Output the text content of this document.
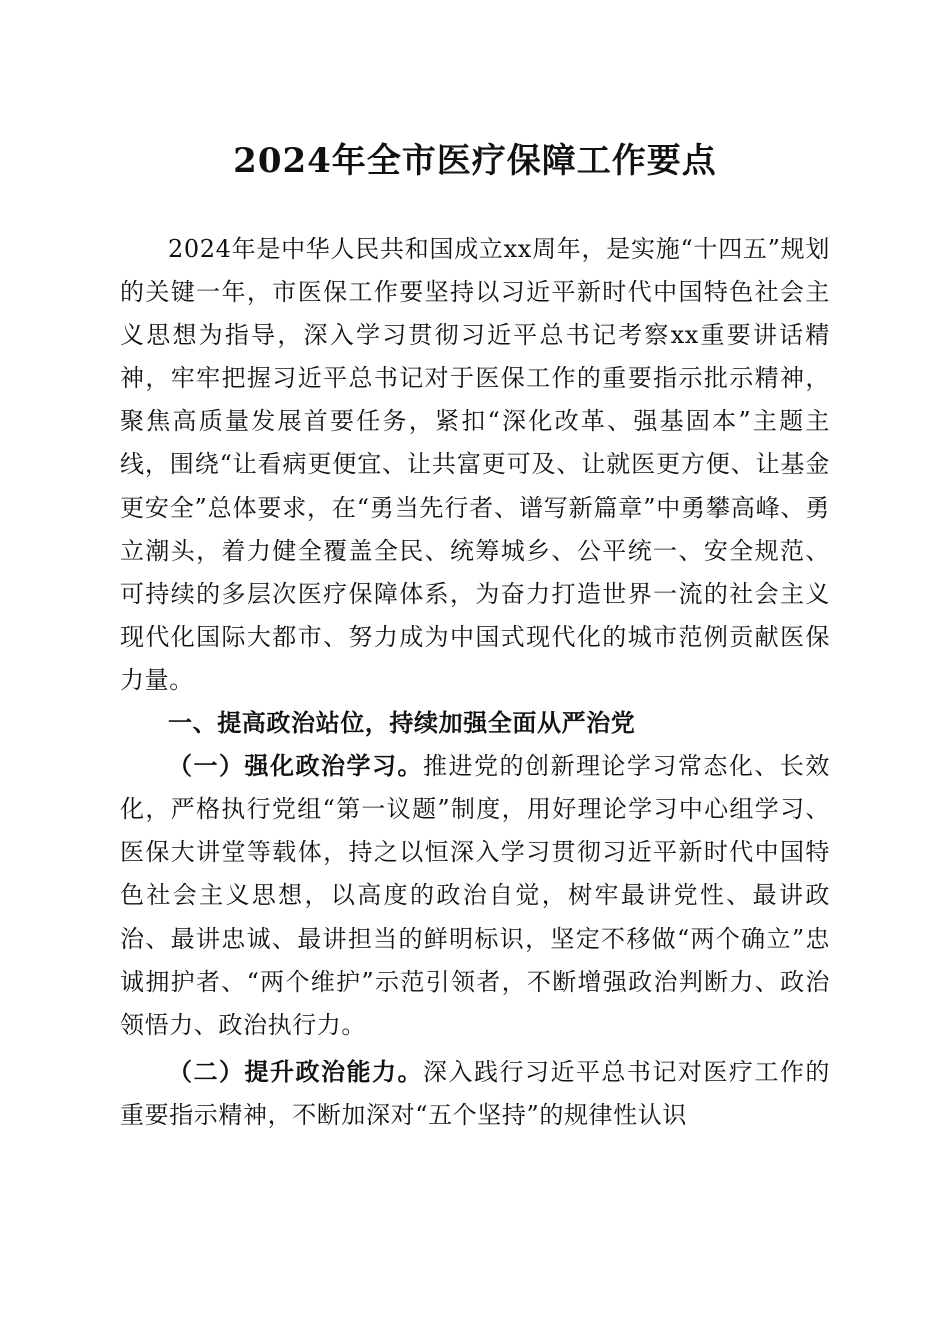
2024年全市医疗保障工作要点

2024年是中华人民共和国成立xx周年，是实施“十四五”规划的关键一年，市医保工作要坚持以习近平新时代中国特色社会主义思想为指导，深入学习贯彻习近平总书记考察xx重要讲话精神，牢牢把握习近平总书记对于医保工作的重要指示批示精神，聚焦高质量发展首要任务，紧扣“深化改革、强基固本”主题主线，围绕“让看病更便宜、让共富更可及、让就医更方便、让基金更安全”总体要求，在“勇当先行者、谱写新篇章”中勇攀高峰、勇立潮头，着力健全覆盖全民、统筹城乡、公平统一、安全规范、可持续的多层次医疗保障体系，为奋力打造世界一流的社会主义现代化国际大都市、努力成为中国式现代化的城市范例贡献医保力量。

一、提高政治站位，持续加强全面从严治党

（一）强化政治学习。推进党的创新理论学习常态化、长效化，严格执行党组“第一议题”制度，用好理论学习中心组学习、医保大讲堂等载体，持之以恒深入学习贯彻习近平新时代中国特色社会主义思想，以高度的政治自觉，树牢最讲党性、最讲政治、最讲忠诚、最讲担当的鲜明标识，坚定不移做“两个确立”忠诚拥护者、“两个维护”示范引领者，不断增强政治判断力、政治领悟力、政治执行力。

（二）提升政治能力。深入践行习近平总书记对医疗工作的重要指示精神，不断加深对“五个坚持”的规律性认识
